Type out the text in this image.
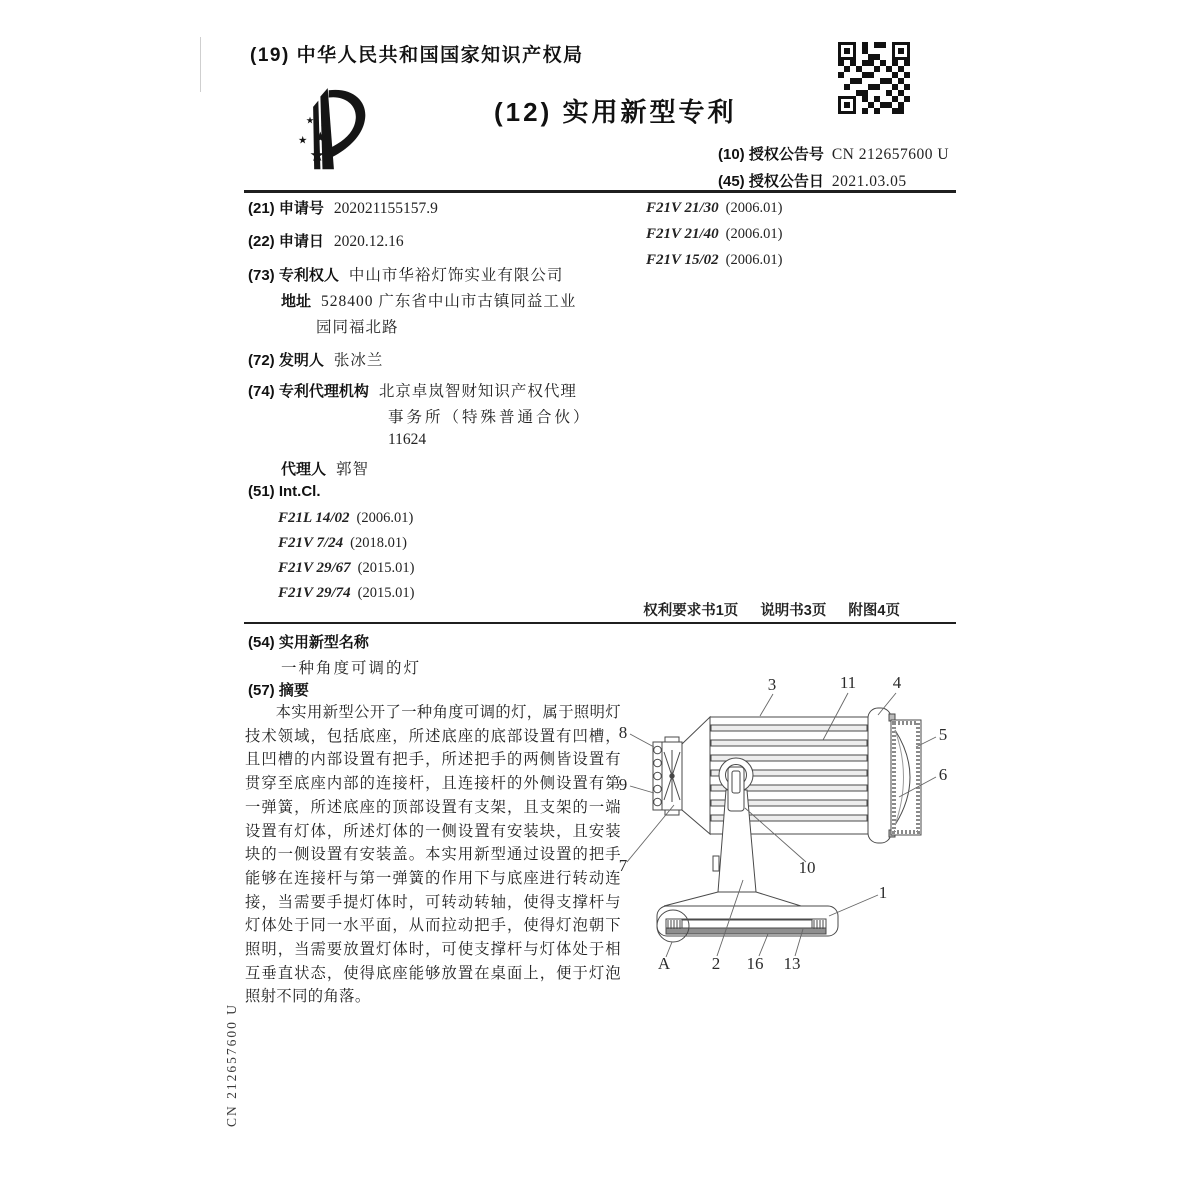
(19) 中华人民共和国国家知识产权局
★
★
★
★
★
(12) 实用新型专利
(10) 授权公告号 CN 212657600 U
(45) 授权公告日 2021.03.05
(21) 申请号 202021155157.9
(22) 申请日 2020.12.16
(73) 专利权人 中山市华裕灯饰实业有限公司
地址 528400 广东省中山市古镇同益工业
园同福北路
(72) 发明人 张冰兰
(74) 专利代理机构 北京卓岚智财知识产权代理
事务所（特殊普通合伙）
11624
代理人 郭智
(51) Int.Cl.
F21L 14/02 (2006.01)
F21V 7/24 (2018.01)
F21V 29/67 (2015.01)
F21V 29/74 (2015.01)
F21V 21/30 (2006.01)
F21V 21/40 (2006.01)
F21V 15/02 (2006.01)
权利要求书1页 说明书3页 附图4页
(54) 实用新型名称
一种角度可调的灯
(57) 摘要
本实用新型公开了一种角度可调的灯，属于照明灯技术领域，包括底座，所述底座的底部设置有凹槽，且凹槽的内部设置有把手，所述把手的两侧皆设置有贯穿至底座内部的连接杆，且连接杆的外侧设置有第一弹簧，所述底座的顶部设置有支架，且支架的一端设置有灯体，所述灯体的一侧设置有安装块，且安装块的一侧设置有安装盖。本实用新型通过设置的把手能够在连接杆与第一弹簧的作用下与底座进行转动连接，当需要手提灯体时，可转动转轴，使得支撑杆与灯体处于同一水平面，从而拉动把手，使得灯泡朝下照明，当需要放置灯体时，可使支撑杆与灯体处于相互垂直状态，使得底座能够放置在桌面上，便于灯泡照射不同的角落。
3	11 4
8
9
5
6
7	10
1
A 2 16 13
CN 212657600 U
